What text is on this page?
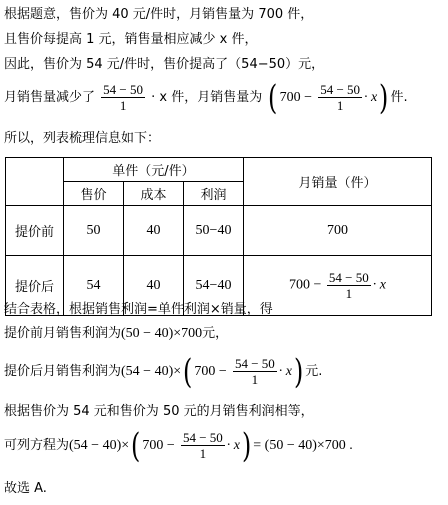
根据题意，售价为 40 元/件时，月销售量为 700 件，
且售价每提高 1 元，销售量相应减少 x 件，
因此，售价为 54 元/件时，售价提高了（54−50）元，
月销售量减少了 $\frac{54 - 50}{1} \cdot x$ 件，月销售量为 ( $700 - \frac{54 - 50}{1} \cdot x$) 件.
所以，列表梳理信息如下：
	单件（元/件）			月销量（件）
	售价	成本	利润	
提价前	50	40	50−40	700
提价后	54	40	54−40	$700 - \frac{54 - 50}{1} \cdot x$
结合表格，根据销售利润=单件利润×销量，得
提价前月销售利润为(50 − 40)×700元，
提价后月销售利润为(54 − 40)×( $700 - \frac{54 - 50}{1} \cdot x$) 元.
根据售价为 54 元和售价为 50 元的月销售利润相等，
可列方程为(54 − 40)×( $700 - \frac{54 - 50}{1} \cdot x) = (50 - 40)\times 700$ .
故选 A.
